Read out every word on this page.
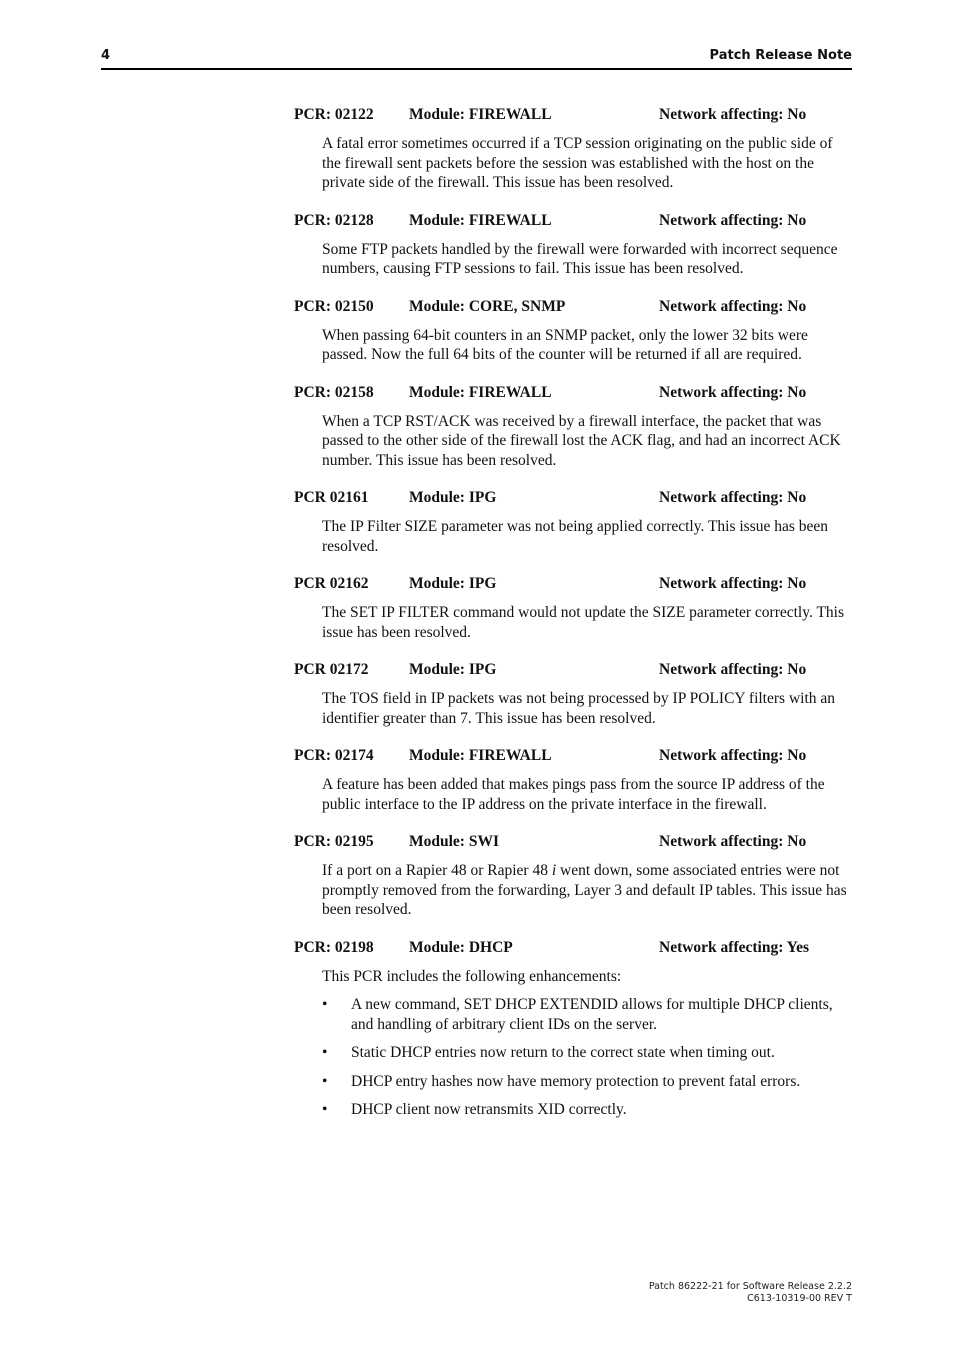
4	Patch Release Note
PCR: 02122 Module: FIREWALL	Network affecting: No
A fatal error sometimes occurred if a TCP session originating on the public side of the firewall sent packets before the session was established with the host on the private side of the firewall. This issue has been resolved.
PCR: 02128 Module: FIREWALL	Network affecting: No
Some FTP packets handled by the firewall were forwarded with incorrect sequence numbers, causing FTP sessions to fail. This issue has been resolved.
PCR: 02150 Module: CORE, SNMP	Network affecting: No
When passing 64-bit counters in an SNMP packet, only the lower 32 bits were passed. Now the full 64 bits of the counter will be returned if all are required.
PCR: 02158 Module: FIREWALL	Network affecting: No
When a TCP RST/ACK was received by a firewall interface, the packet that was passed to the other side of the firewall lost the ACK flag, and had an incorrect ACK number. This issue has been resolved.
PCR 02161	Module: IPG	Network affecting: No
The IP Filter SIZE parameter was not being applied correctly. This issue has been resolved.
PCR 02162	Module: IPG	Network affecting: No
The SET IP FILTER command would not update the SIZE parameter correctly. This issue has been resolved.
PCR 02172	Module: IPG	Network affecting: No
The TOS field in IP packets was not being processed by IP POLICY filters with an identifier greater than 7. This issue has been resolved.
PCR: 02174 Module: FIREWALL	Network affecting: No
A feature has been added that makes pings pass from the source IP address of the public interface to the IP address on the private interface in the firewall.
PCR: 02195 Module: SWI	Network affecting: No
If a port on a Rapier 48 or Rapier 48 i went down, some associated entries were not promptly removed from the forwarding, Layer 3 and default IP tables. This issue has been resolved.
PCR: 02198 Module: DHCP	Network affecting: Yes
This PCR includes the following enhancements:
• A new command, SET DHCP EXTENDID allows for multiple DHCP clients, and handling of arbitrary client IDs on the server.
• Static DHCP entries now return to the correct state when timing out.
• DHCP entry hashes now have memory protection to prevent fatal errors.
• DHCP client now retransmits XID correctly.
Patch 86222-21 for Software Release 2.2.2
C613-10319-00 REV T
